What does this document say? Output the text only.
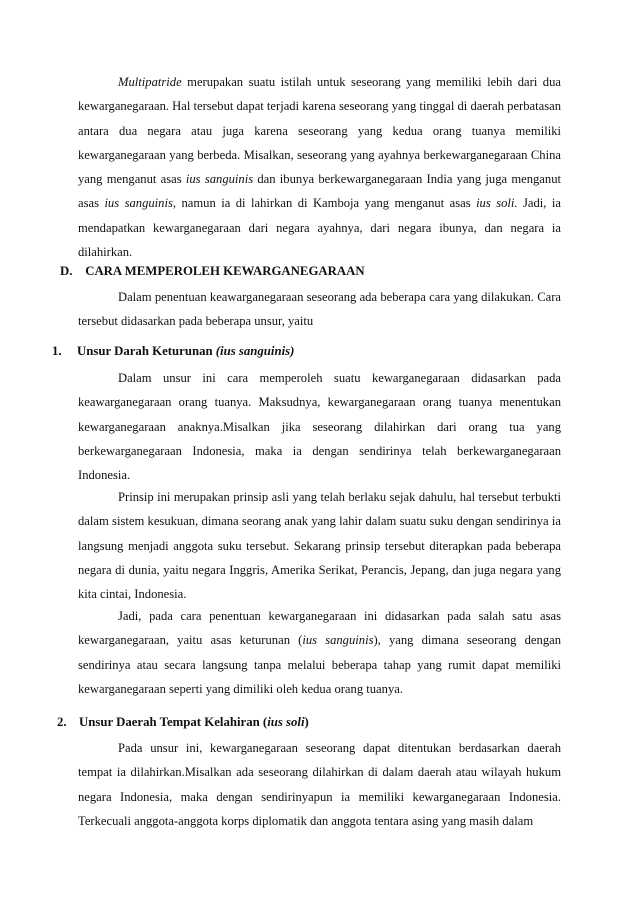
Multipatride merupakan suatu istilah untuk seseorang yang memiliki lebih dari dua kewarganegaraan. Hal tersebut dapat terjadi karena seseorang yang tinggal di daerah perbatasan antara dua negara atau juga karena seseorang yang kedua orang tuanya memiliki kewarganegaraan yang berbeda. Misalkan, seseorang yang ayahnya berkewarganegaraan China yang menganut asas ius sanguinis dan ibunya berkewarganegaraan India yang juga menganut asas ius sanguinis, namun ia di lahirkan di Kamboja yang menganut asas ius soli. Jadi, ia mendapatkan kewarganegaraan dari negara ayahnya, dari negara ibunya, dan negara ia dilahirkan.

D. CARA MEMPEROLEH KEWARGANEGARAAN

Dalam penentuan keawarganegaraan seseorang ada beberapa cara yang dilakukan. Cara tersebut didasarkan pada beberapa unsur, yaitu

1. Unsur Darah Keturunan (ius sanguinis)

Dalam unsur ini cara memperoleh suatu kewarganegaraan didasarkan pada keawarganegaraan orang tuanya. Maksudnya, kewarganegaraan orang tuanya menentukan kewarganegaraan anaknya.Misalkan jika seseorang dilahirkan dari orang tua yang berkewarganegaraan Indonesia, maka ia dengan sendirinya telah berkewarganegaraan Indonesia.

Prinsip ini merupakan prinsip asli yang telah berlaku sejak dahulu, hal tersebut terbukti dalam sistem kesukuan, dimana seorang anak yang lahir dalam suatu suku dengan sendirinya ia langsung menjadi anggota suku tersebut. Sekarang prinsip tersebut diterapkan pada beberapa negara di dunia, yaitu negara Inggris, Amerika Serikat, Perancis, Jepang, dan juga negara yang kita cintai, Indonesia.

Jadi, pada cara penentuan kewarganegaraan ini didasarkan pada salah satu asas kewarganegaraan, yaitu asas keturunan (ius sanguinis), yang dimana seseorang dengan sendirinya atau secara langsung tanpa melalui beberapa tahap yang rumit dapat memiliki kewarganegaraan seperti yang dimiliki oleh kedua orang tuanya.

2. Unsur Daerah Tempat Kelahiran (ius soli)

Pada unsur ini, kewarganegaraan seseorang dapat ditentukan berdasarkan daerah tempat ia dilahirkan.Misalkan ada seseorang dilahirkan di dalam daerah atau wilayah hukum negara Indonesia, maka dengan sendirinyapun ia memiliki kewarganegaraan Indonesia. Terkecuali anggota-anggota korps diplomatik dan anggota tentara asing yang masih dalam
